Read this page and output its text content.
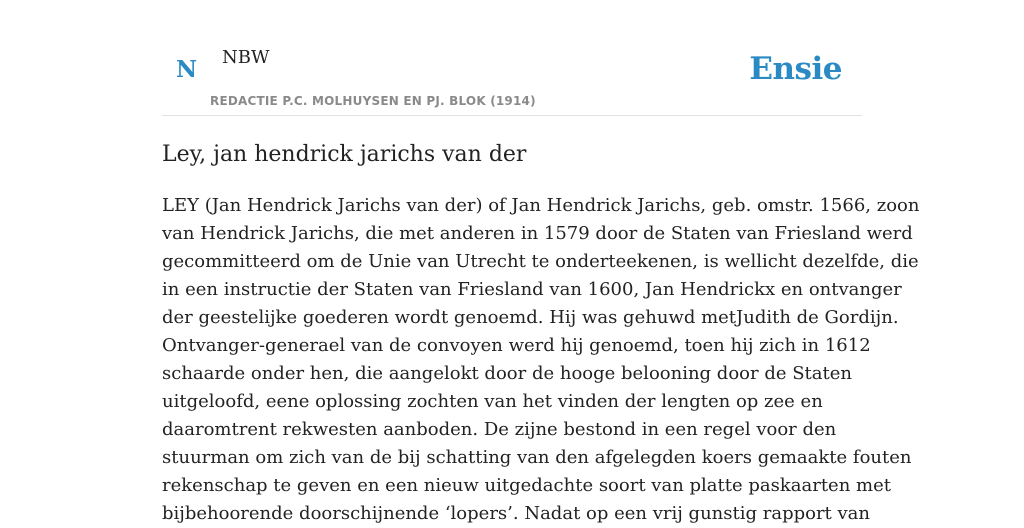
N NBW
REDACTIE P.C. MOLHUYSEN EN PJ. BLOK (1914)
Ensie
Ley, jan hendrick jarichs van der
LEY (Jan Hendrick Jarichs van der) of Jan Hendrick Jarichs, geb. omstr. 1566, zoon
van Hendrick Jarichs, die met anderen in 1579 door de Staten van Friesland werd
gecommitteerd om de Unie van Utrecht te onderteekenen, is wellicht dezelfde, die
in een instructie der Staten van Friesland van 1600, Jan Hendrickx en ontvanger
der geestelijke goederen wordt genoemd. Hij was gehuwd metJudith de Gordijn.
Ontvanger-generael van de convoyen werd hij genoemd, toen hij zich in 1612
schaarde onder hen, die aangelokt door de hooge belooning door de Staten
uitgeloofd, eene oplossing zochten van het vinden der lengten op zee en
daaromtrent rekwesten aanboden. De zijne bestond in een regel voor den
stuurman om zich van de bij schatting van den afgelegden koers gemaakte fouten
rekenschap te geven en een nieuw uitgedachte soort van platte paskaarten met
bijbehoorende doorschijnende ‘lopers’. Nadat op een vrij gunstig rapport van
